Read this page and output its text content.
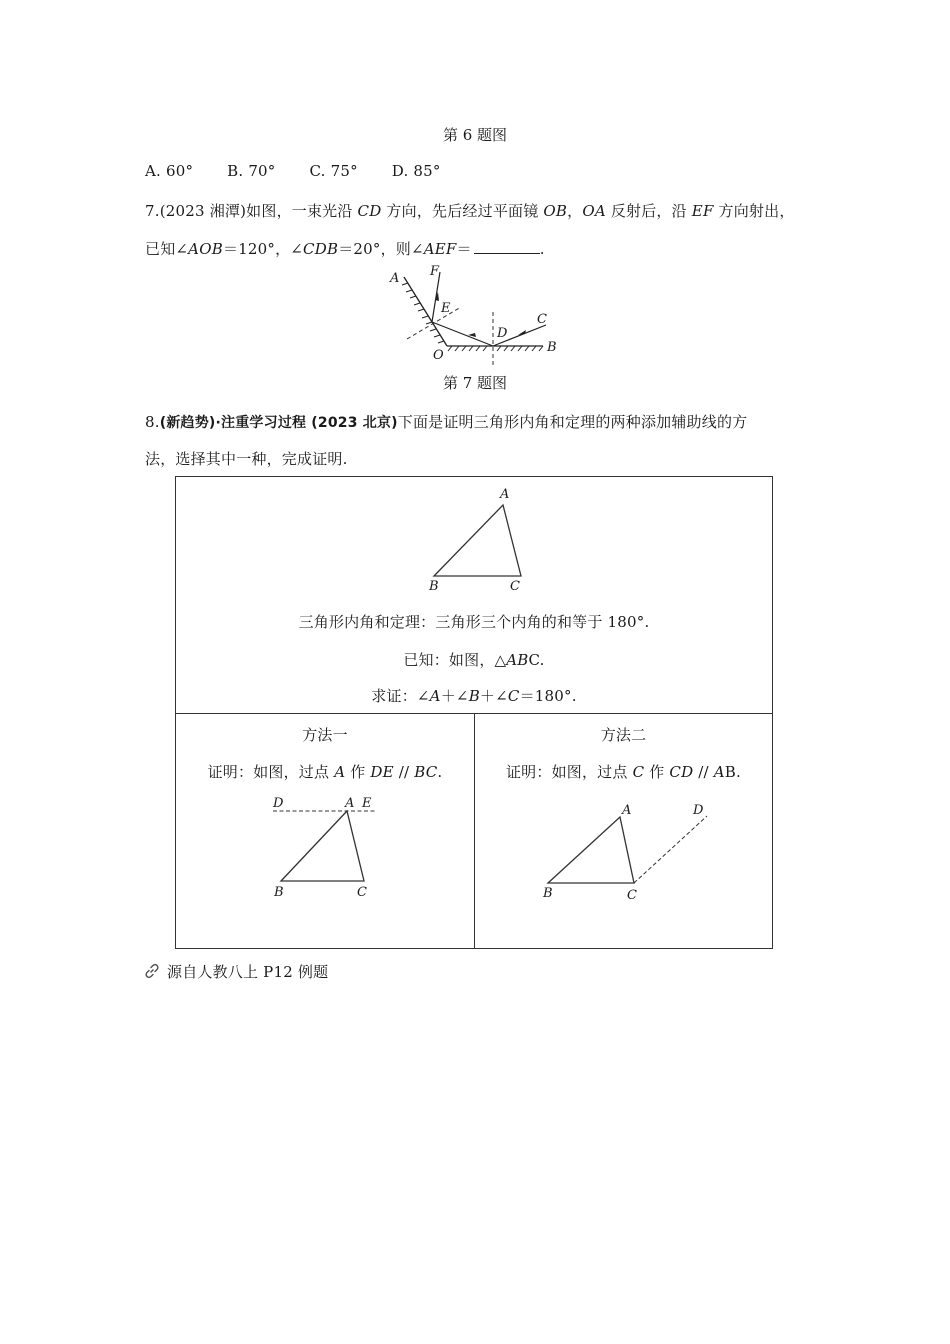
第 6 题图
A. 60° B. 70° C. 75° D. 85°
7.(2023 湘潭)如图，一束光沿 CD 方向，先后经过平面镜 OB，OA 反射后，沿 EF 方向射出，
已知∠AOB＝120°，∠CDB＝20°，则∠AEF＝	.
A F
E
D
C
O
B
第 7 题图
8.(新趋势)·注重学习过程 (2023 北京)下面是证明三角形内角和定理的两种添加辅助线的方
法，选择其中一种，完成证明.
A
B	C
三角形内角和定理：三角形三个内角的和等于 180°.
已知：如图，△ABC.
求证：∠A＋∠B＋∠C＝180°.
方法一
证明：如图，过点 A 作 DE // BC.
D	A E
B	C
方法二
证明：如图，过点 C 作 CD // AB.
A	D
B	C
源自人教八上 P12 例题
